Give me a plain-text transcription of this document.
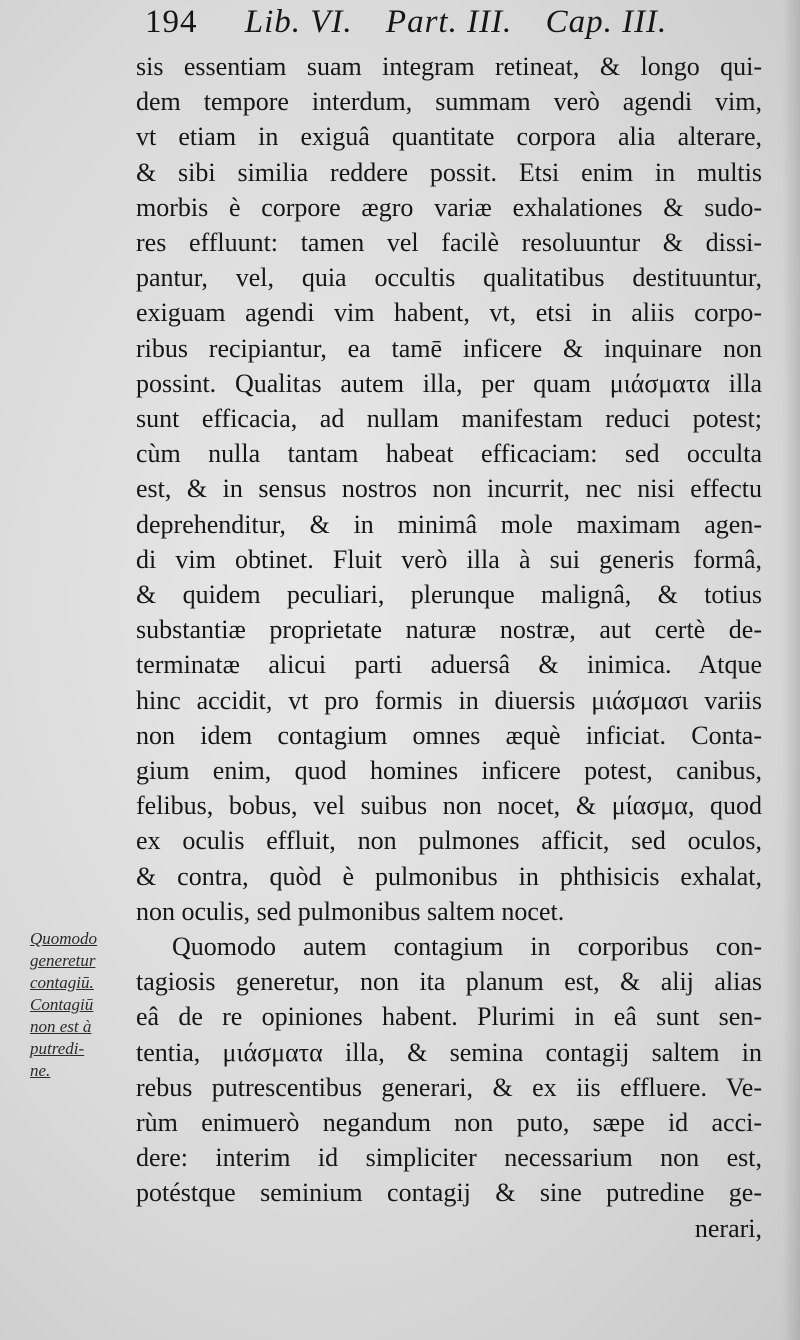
194 Lib. VI. Part. III. Cap. III.
sis essentiam suam integram retineat, & longo qui-
dem tempore interdum, summam verò agendi vim,
vt etiam in exiguâ quantitate corpora alia alterare,
& sibi similia reddere possit. Etsi enim in multis
morbis è corpore ægro variæ exhalationes & sudo-
res effluunt: tamen vel facilè resoluuntur & dissi-
pantur, vel, quia occultis qualitatibus destituuntur,
exiguam agendi vim habent, vt, etsi in aliis corpo-
ribus recipiantur, ea tamē inficere & inquinare non
possint. Qualitas autem illa, per quam μιάσματα illa
sunt efficacia, ad nullam manifestam reduci potest;
cùm nulla tantam habeat efficaciam: sed occulta
est, & in sensus nostros non incurrit, nec nisi effectu
deprehenditur, & in minimâ mole maximam agen-
di vim obtinet. Fluit verò illa à sui generis formâ,
& quidem peculiari, plerunque malignâ, & totius
substantiæ proprietate naturæ nostræ, aut certè de-
terminatæ alicui parti aduersâ & inimica. Atque
hinc accidit, vt pro formis in diuersis μιάσμασι variis
non idem contagium omnes æquè inficiat. Conta-
gium enim, quod homines inficere potest, canibus,
felibus, bobus, vel suibus non nocet, & μίασμα, quod
ex oculis effluit, non pulmones afficit, sed oculos,
& contra, quòd è pulmonibus in phthisicis exhalat,
non oculis, sed pulmonibus saltem nocet.
Quomodo autem contagium in corporibus con-
tagiosis generetur, non ita planum est, & alij alias
eâ de re opiniones habent. Plurimi in eâ sunt sen-
tentia, μιάσματα illa, & semina contagij saltem in
rebus putrescentibus generari, & ex iis effluere. Ve-
rùm enimuerò negandum non puto, sæpe id acci-
dere: interim id simpliciter necessarium non est,
potéstque seminium contagij & sine putredine ge-
nerari,
Quomodo
generetur
contagiū.
Contagiū
non est à
putredi-
ne.
